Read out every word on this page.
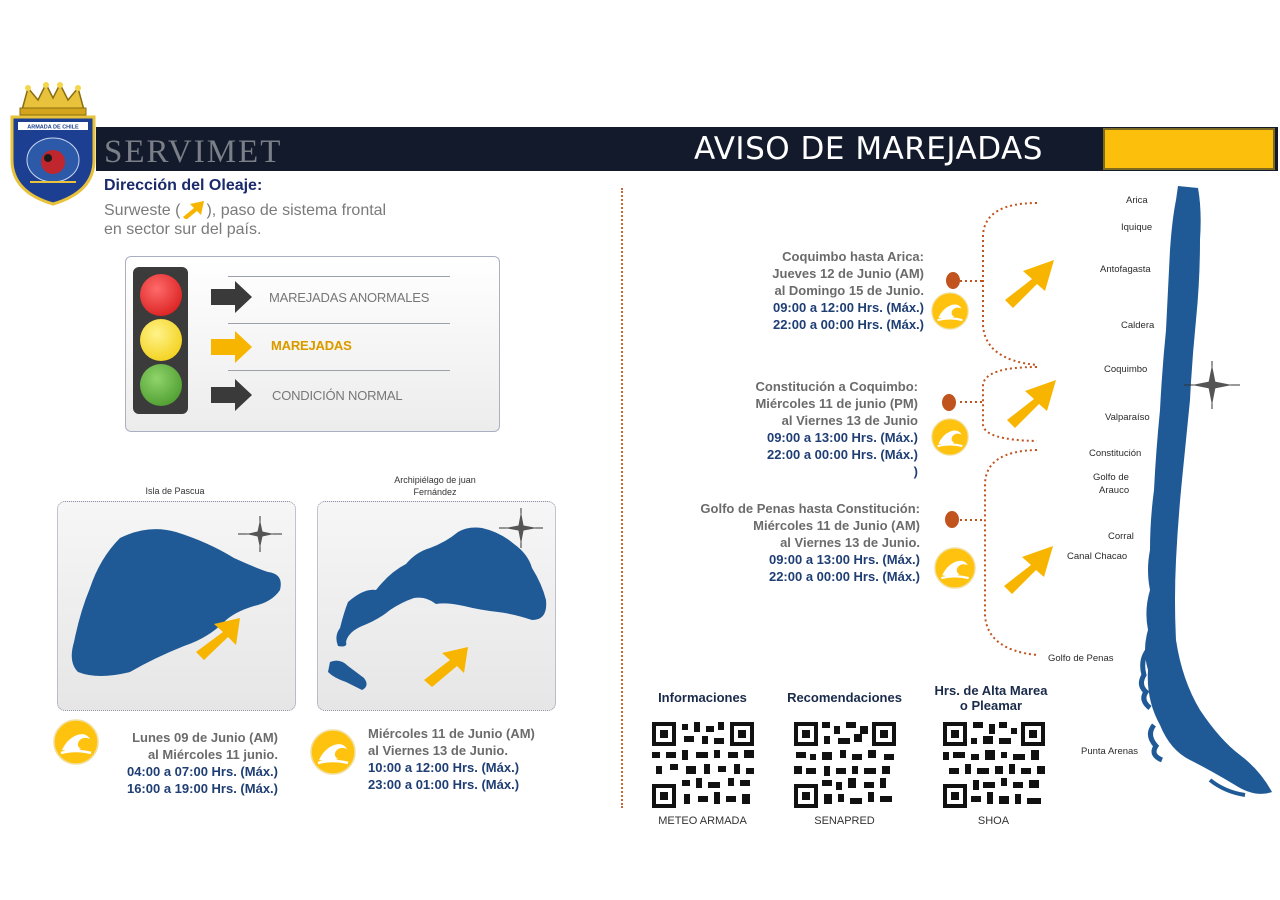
SERVIMET	AVISO DE MAREJADAS
ARMADA DE CHILE
Dirección del Oleaje:
Surweste ( ), paso de sistema frontal
en sector sur del país.
MAREJADAS ANORMALES
MAREJADAS
CONDICIÓN NORMAL
Isla de Pascua
Lunes 09 de Junio (AM)
al Miércoles 11 junio.
04:00 a 07:00 Hrs. (Máx.)
16:00 a 19:00 Hrs. (Máx.)
Archipiélago de juan
Fernández
Miércoles 11 de Junio (AM)
al Viernes 13 de Junio.
10:00 a 12:00 Hrs. (Máx.)
23:00 a 01:00 Hrs. (Máx.)
Coquimbo hasta Arica:
Jueves 12 de Junio (AM)
al Domingo 15 de Junio.
09:00 a 12:00 Hrs. (Máx.)
22:00 a 00:00 Hrs. (Máx.)
Constitución a Coquimbo:
Miércoles 11 de junio (PM)
al Viernes 13 de Junio
09:00 a 13:00 Hrs. (Máx.)
22:00 a 00:00 Hrs. (Máx.)
)
Golfo de Penas hasta Constitución:
Miércoles 11 de Junio (AM)
al Viernes 13 de Junio.
09:00 a 13:00 Hrs. (Máx.)
22:00 a 00:00 Hrs. (Máx.)
Arica
Iquique
Antofagasta
Caldera
Coquimbo
Valparaíso
Constitución
Golfo de
Arauco
Corral
Canal Chacao
Golfo de Penas
Punta Arenas
Informaciones	Recomendaciones	Hrs. de Alta Marea
o Pleamar
METEO ARMADA	SENAPRED	SHOA
